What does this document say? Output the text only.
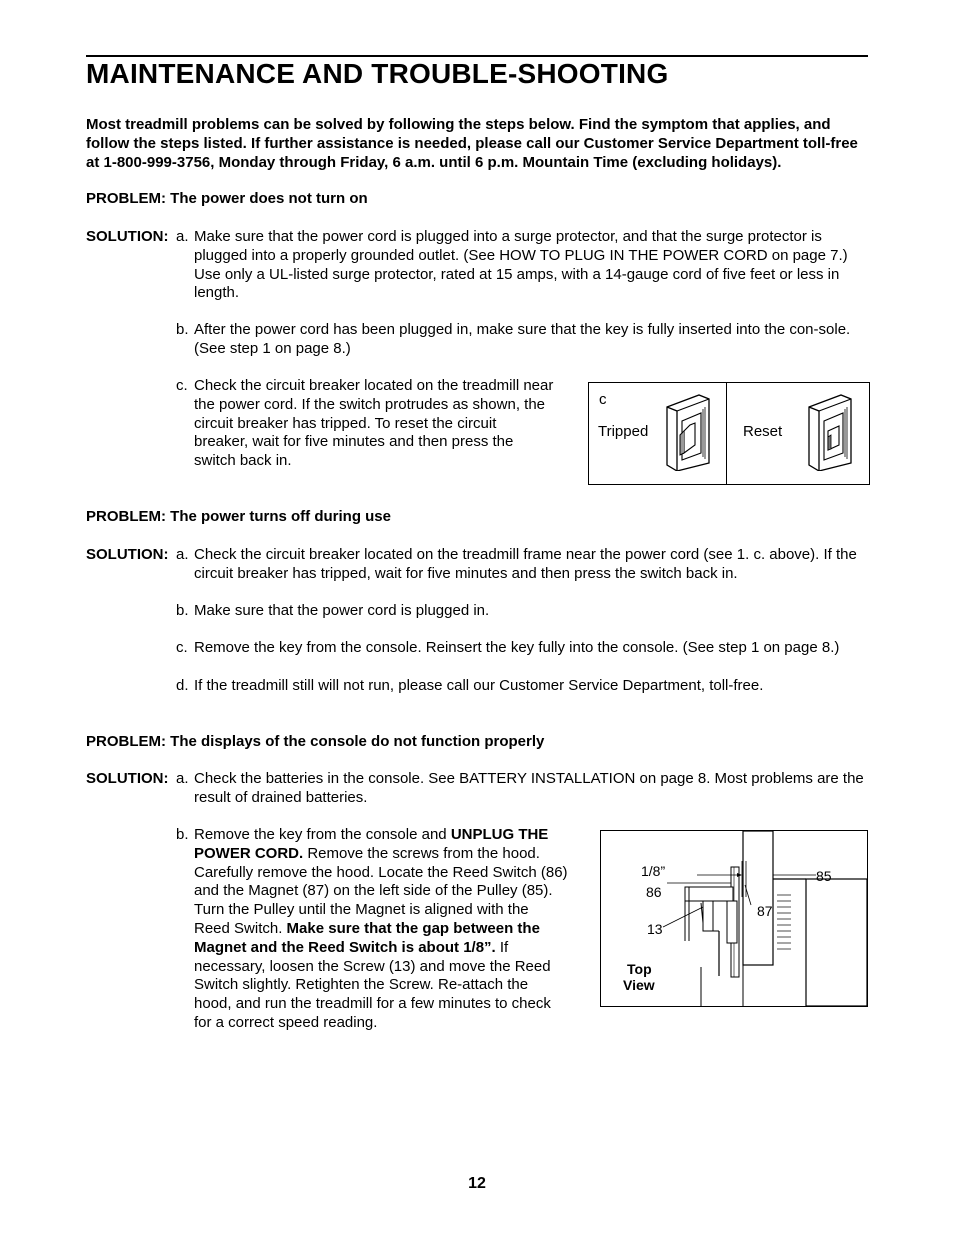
MAINTENANCE AND TROUBLE-SHOOTING
Most treadmill problems can be solved by following the steps below. Find the symptom that applies, and follow the steps listed. If further assistance is needed, please call our Customer Service Department toll-free at 1-800-999-3756, Monday through Friday, 6 a.m. until 6 p.m. Mountain Time (excluding holidays).
PROBLEM: The power does not turn on
SOLUTION: a. Make sure that the power cord is plugged into a surge protector, and that the surge protector is plugged into a properly grounded outlet. (See HOW TO PLUG IN THE POWER CORD on page 7.) Use only a UL-listed surge protector, rated at 15 amps, with a 14-gauge cord of five feet or less in length.
b. After the power cord has been plugged in, make sure that the key is fully inserted into the con-sole. (See step 1 on page 8.)
c. Check the circuit breaker located on the treadmill near the power cord. If the switch protrudes as shown, the circuit breaker has tripped. To reset the circuit breaker, wait for five minutes and then press the switch back in.
c
Tripped	Reset
PROBLEM: The power turns off during use
SOLUTION: a. Check the circuit breaker located on the treadmill frame near the power cord (see 1. c. above). If the circuit breaker has tripped, wait for five minutes and then press the switch back in.
b. Make sure that the power cord is plugged in.
c. Remove the key from the console. Reinsert the key fully into the console. (See step 1 on page 8.)
d. If the treadmill still will not run, please call our Customer Service Department, toll-free.
PROBLEM: The displays of the console do not function properly
SOLUTION: a. Check the batteries in the console. See BATTERY INSTALLATION on page 8. Most problems are the result of drained batteries.
b. Remove the key from the console and UNPLUG THE POWER CORD. Remove the screws from the hood. Carefully remove the hood. Locate the Reed Switch (86) and the Magnet (87) on the left side of the Pulley (85). Turn the Pulley until the Magnet is aligned with the Reed Switch. Make sure that the gap between the Magnet and the Reed Switch is about 1/8”. If necessary, loosen the Screw (13) and move the Reed Switch slightly. Retighten the Screw. Re-attach the hood, and run the treadmill for a few minutes to check for a correct speed reading.
1/8”
86
85
87
13
Top
View
12
